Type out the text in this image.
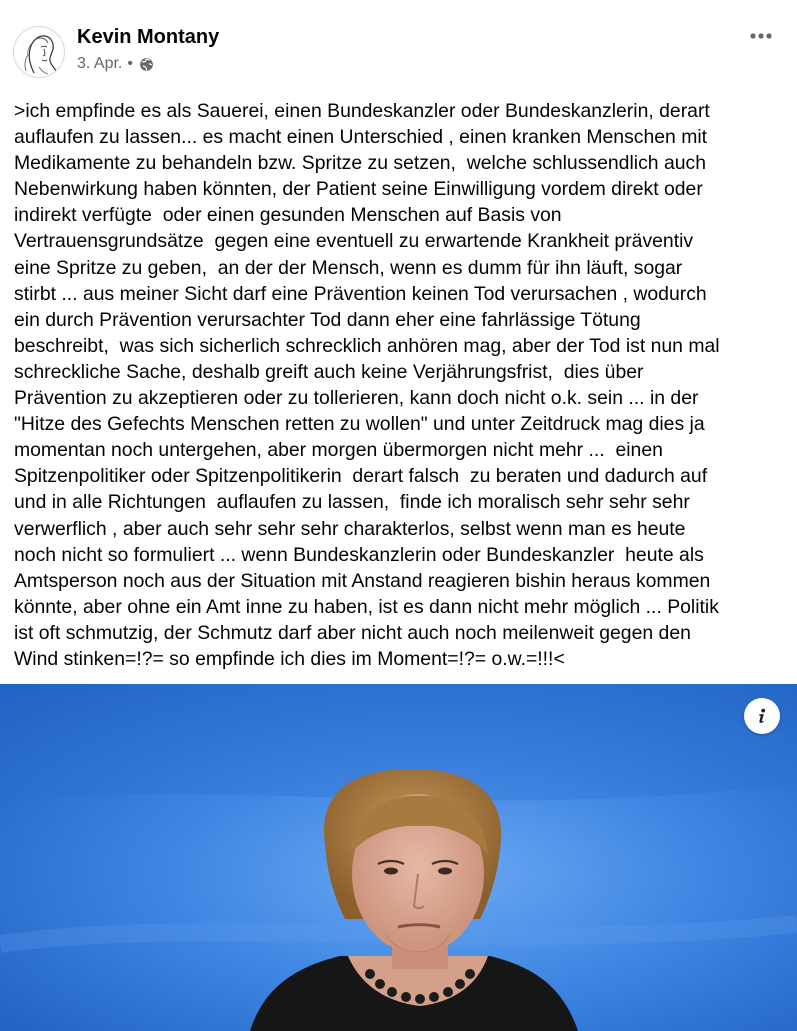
Kevin Montany
3. Apr. •

>ich empfinde es als Sauerei, einen Bundeskanzler oder Bundeskanzlerin, derart
auflaufen zu lassen... es macht einen Unterschied , einen kranken Menschen mit
Medikamente zu behandeln bzw. Spritze zu setzen,  welche schlussendlich auch
Nebenwirkung haben könnten, der Patient seine Einwilligung vordem direkt oder
indirekt verfügte  oder einen gesunden Menschen auf Basis von
Vertrauensgrundsätze  gegen eine eventuell zu erwartende Krankheit präventiv
eine Spritze zu geben,  an der der Mensch, wenn es dumm für ihn läuft, sogar
stirbt ... aus meiner Sicht darf eine Prävention keinen Tod verursachen , wodurch
ein durch Prävention verursachter Tod dann eher eine fahrlässige Tötung
beschreibt,  was sich sicherlich schrecklich anhören mag, aber der Tod ist nun mal
schreckliche Sache, deshalb greift auch keine Verjährungsfrist,  dies über
Prävention zu akzeptieren oder zu tollerieren, kann doch nicht o.k. sein ... in der
"Hitze des Gefechts Menschen retten zu wollen" und unter Zeitdruck mag dies ja
momentan noch untergehen, aber morgen übermorgen nicht mehr ...  einen
Spitzenpolitiker oder Spitzenpolitikerin  derart falsch  zu beraten und dadurch auf
und in alle Richtungen  auflaufen zu lassen,  finde ich moralisch sehr sehr sehr
verwerflich , aber auch sehr sehr sehr charakterlos, selbst wenn man es heute
noch nicht so formuliert ... wenn Bundeskanzlerin oder Bundeskanzler  heute als
Amtsperson noch aus der Situation mit Anstand reagieren bishin heraus kommen
könnte, aber ohne ein Amt inne zu haben, ist es dann nicht mehr möglich ... Politik
ist oft schmutzig, der Schmutz darf aber nicht auch noch meilenweit gegen den
Wind stinken=!?= so empfinde ich dies im Moment=!?= o.w.=!!!<
